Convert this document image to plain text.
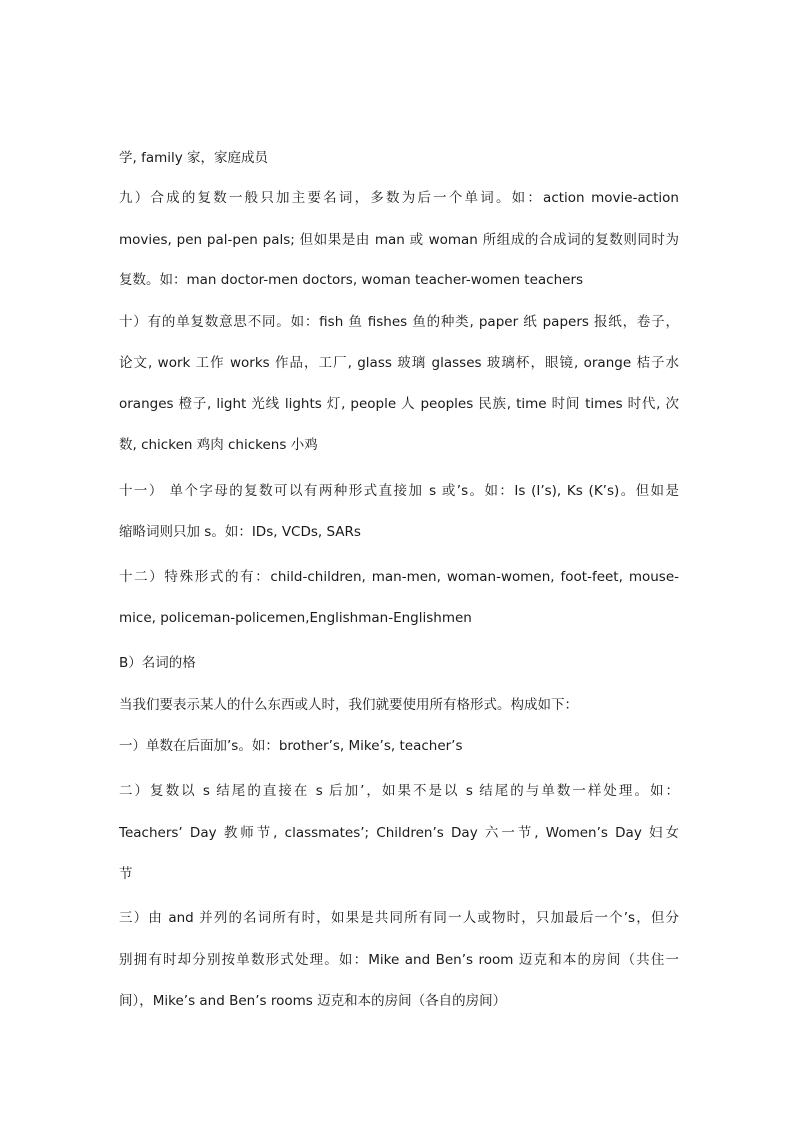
学, family 家，家庭成员
九）合成的复数一般只加主要名词，多数为后一个单词。如：action movie-action
movies, pen pal-pen pals; 但如果是由 man 或 woman 所组成的合成词的复数则同时为
复数。如：man doctor-men doctors, woman teacher-women teachers
十）有的单复数意思不同。如：fish 鱼 fishes 鱼的种类, paper 纸 papers 报纸，卷子，
论文, work 工作 works 作品，工厂, glass 玻璃 glasses 玻璃杯，眼镜, orange 桔子水
oranges 橙子, light 光线 lights 灯, people 人 peoples 民族, time 时间 times 时代, 次
数, chicken 鸡肉 chickens 小鸡
十一） 单个字母的复数可以有两种形式直接加 s 或’s。如：Is (I’s), Ks (K’s)。但如是
缩略词则只加 s。如：IDs, VCDs, SARs
十二）特殊形式的有：child-children, man-men, woman-women, foot-feet, mouse-
mice, policeman-policemen,Englishman-Englishmen
B）名词的格
当我们要表示某人的什么东西或人时，我们就要使用所有格形式。构成如下：
一）单数在后面加’s。如：brother’s, Mike’s, teacher’s
二）复数以 s 结尾的直接在 s 后加’，如果不是以 s 结尾的与单数一样处理。如：
Teachers’ Day 教师节, classmates’; Children’s Day 六一节, Women’s Day 妇女
节
三）由 and 并列的名词所有时，如果是共同所有同一人或物时，只加最后一个’s，但分
别拥有时却分别按单数形式处理。如：Mike and Ben’s room 迈克和本的房间（共住一
间），Mike’s and Ben’s rooms 迈克和本的房间（各自的房间）
